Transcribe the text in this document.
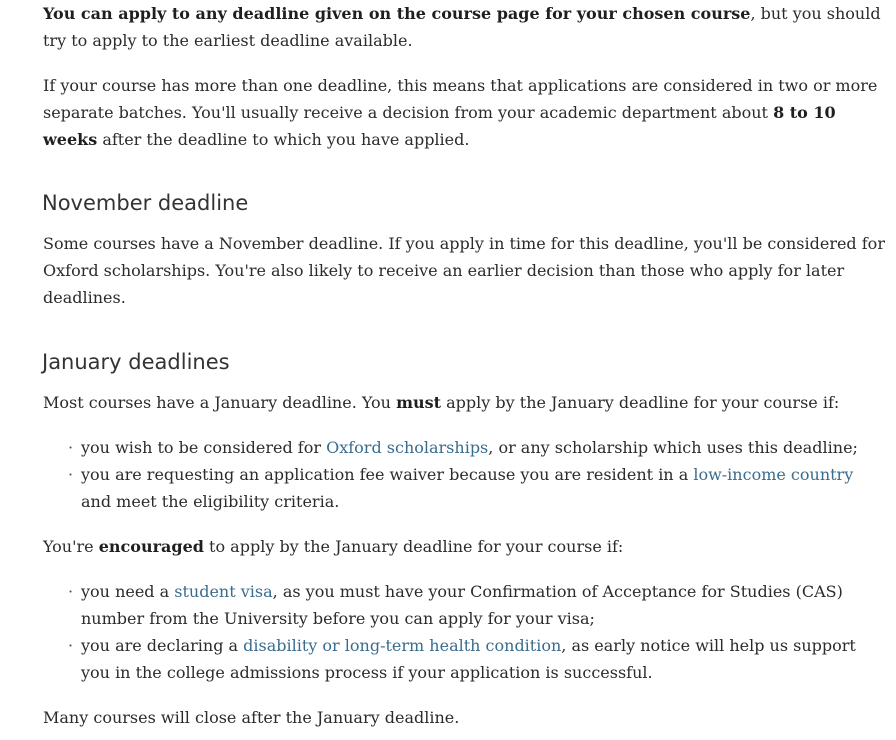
You can apply to any deadline given on the course page for your chosen course, but you should try to apply to the earliest deadline available.

If your course has more than one deadline, this means that applications are considered in two or more separate batches. You'll usually receive a decision from your academic department about 8 to 10 weeks after the deadline to which you have applied.

November deadline

Some courses have a November deadline. If you apply in time for this deadline, you'll be considered for Oxford scholarships. You're also likely to receive an earlier decision than those who apply for later deadlines.

January deadlines

Most courses have a January deadline. You must apply by the January deadline for your course if:

· you wish to be considered for Oxford scholarships, or any scholarship which uses this deadline;
· you are requesting an application fee waiver because you are resident in a low-income country and meet the eligibility criteria.

You're encouraged to apply by the January deadline for your course if:

· you need a student visa, as you must have your Confirmation of Acceptance for Studies (CAS) number from the University before you can apply for your visa;
· you are declaring a disability or long-term health condition, as early notice will help us support you in the college admissions process if your application is successful.

Many courses will close after the January deadline.
